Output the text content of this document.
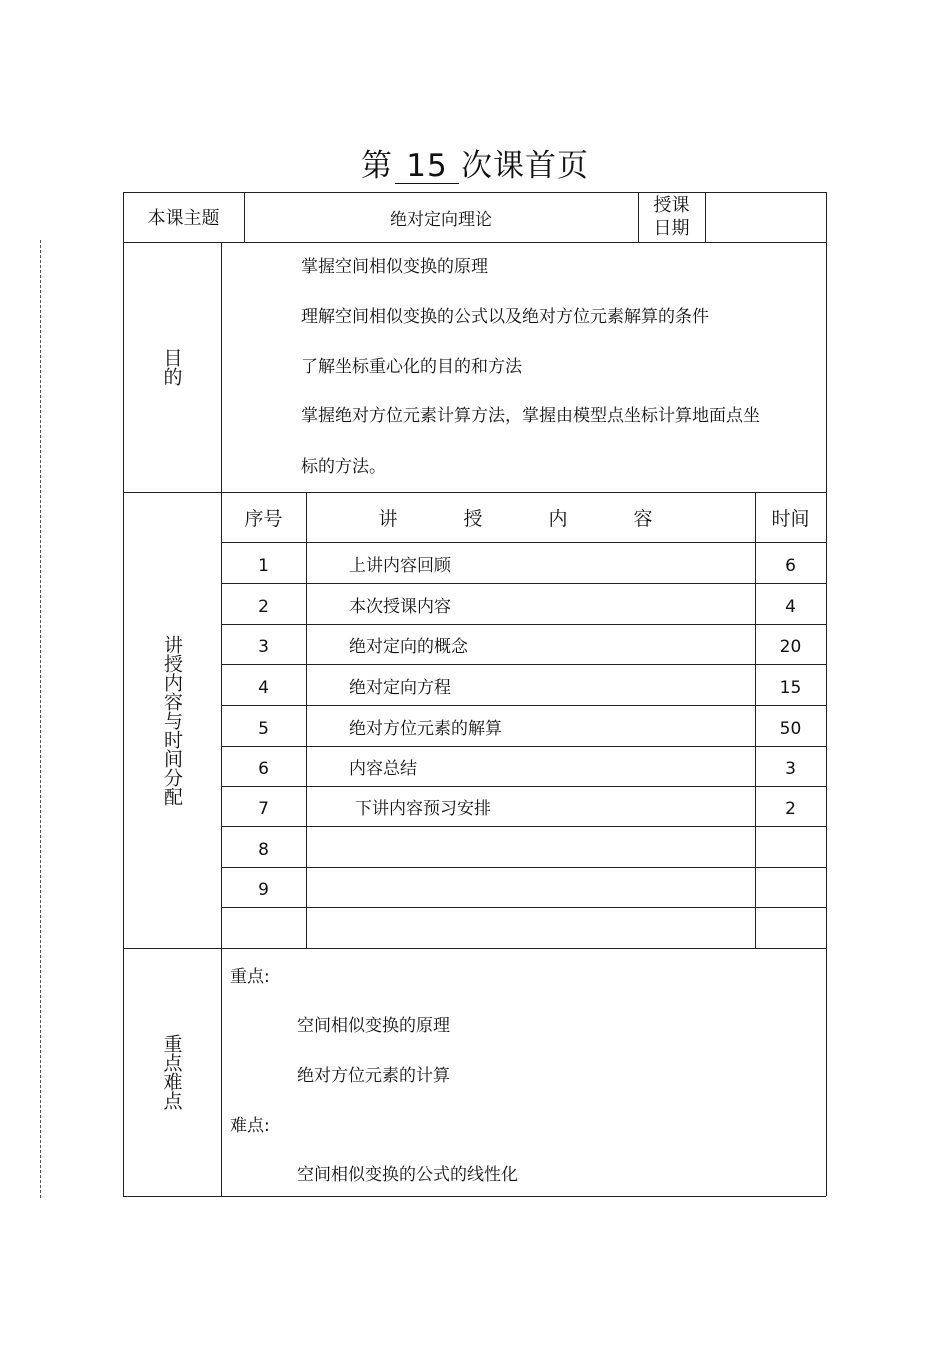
第 15 次课首页
本课主题	绝对定向理论
授课
日期
目的
掌握空间相似变换的原理
理解空间相似变换的公式以及绝对方位元素解算的条件
了解坐标重心化的目的和方法
掌握绝对方位元素计算方法，掌握由模型点坐标计算地面点坐
标的方法。
讲授内容与时间分配
序号	讲 授 内 容	时间
1	上讲内容回顾	6
2	本次授课内容	4
3	绝对定向的概念	20
4	绝对定向方程	15
5	绝对方位元素的解算	50
6	内容总结	3
7	下讲内容预习安排	2
8
9
重点难点
重点:
空间相似变换的原理
绝对方位元素的计算
难点:
空间相似变换的公式的线性化
